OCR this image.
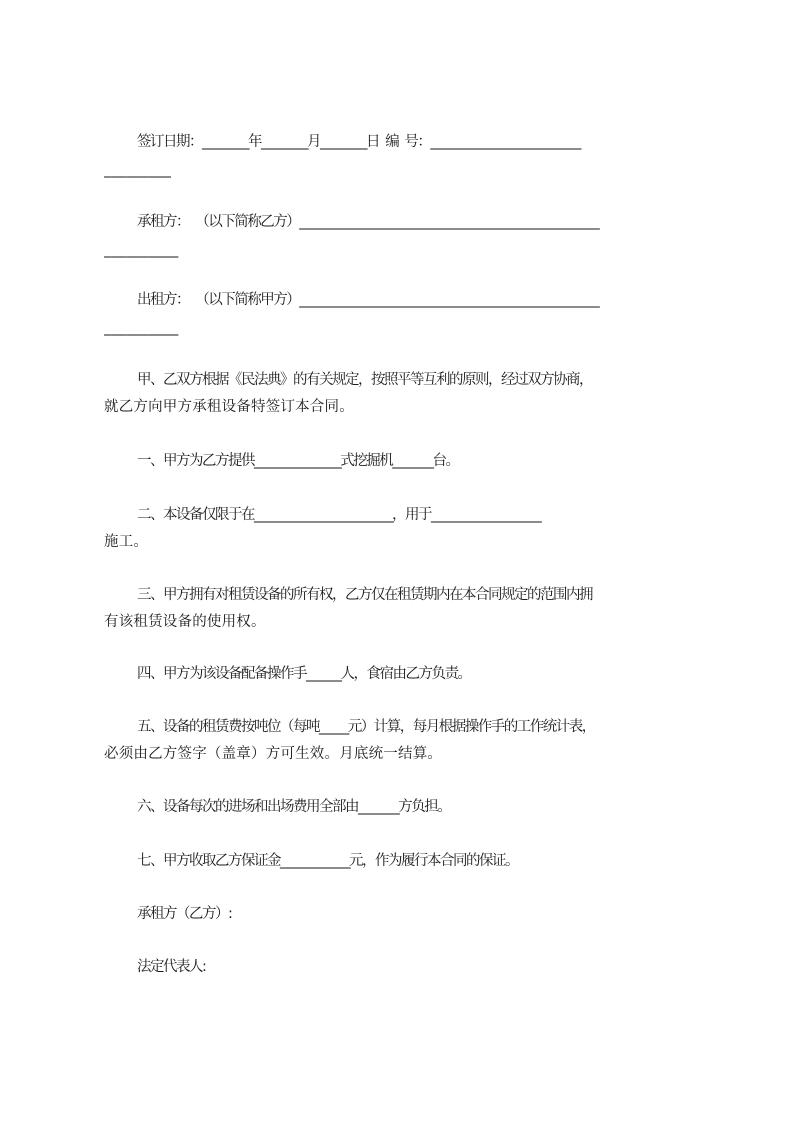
签订日期：________年________月________日  编  号：__________________________
_________
承租方：  （以下简称乙方）____________________________________________________
__________
出租方：  （以下简称甲方）____________________________________________________
__________
甲、乙双方根据《民法典》的有关规定，按照平等互利的原则，经过双方协商，
就乙方向甲方承租设备特签订本合同。
一、甲方为乙方提供_______________式挖掘机_______台。
二、本设备仅限于在________________________，用于___________________
施工。
三、甲方拥有对租赁设备的所有权，乙方仅在租赁期内在本合同规定的范围内拥
有该租赁设备的使用权。
四、甲方为该设备配备操作手______人，食宿由乙方负责。
五、设备的租赁费按吨位（每吨_____元）计算，每月根据操作手的工作统计表，
必须由乙方签字（盖章）方可生效。月底统一结算。
六、设备每次的进场和出场费用全部由_______方负担。
七、甲方收取乙方保证金____________元，作为履行本合同的保证。
承租方（乙方）:
法定代表人:
